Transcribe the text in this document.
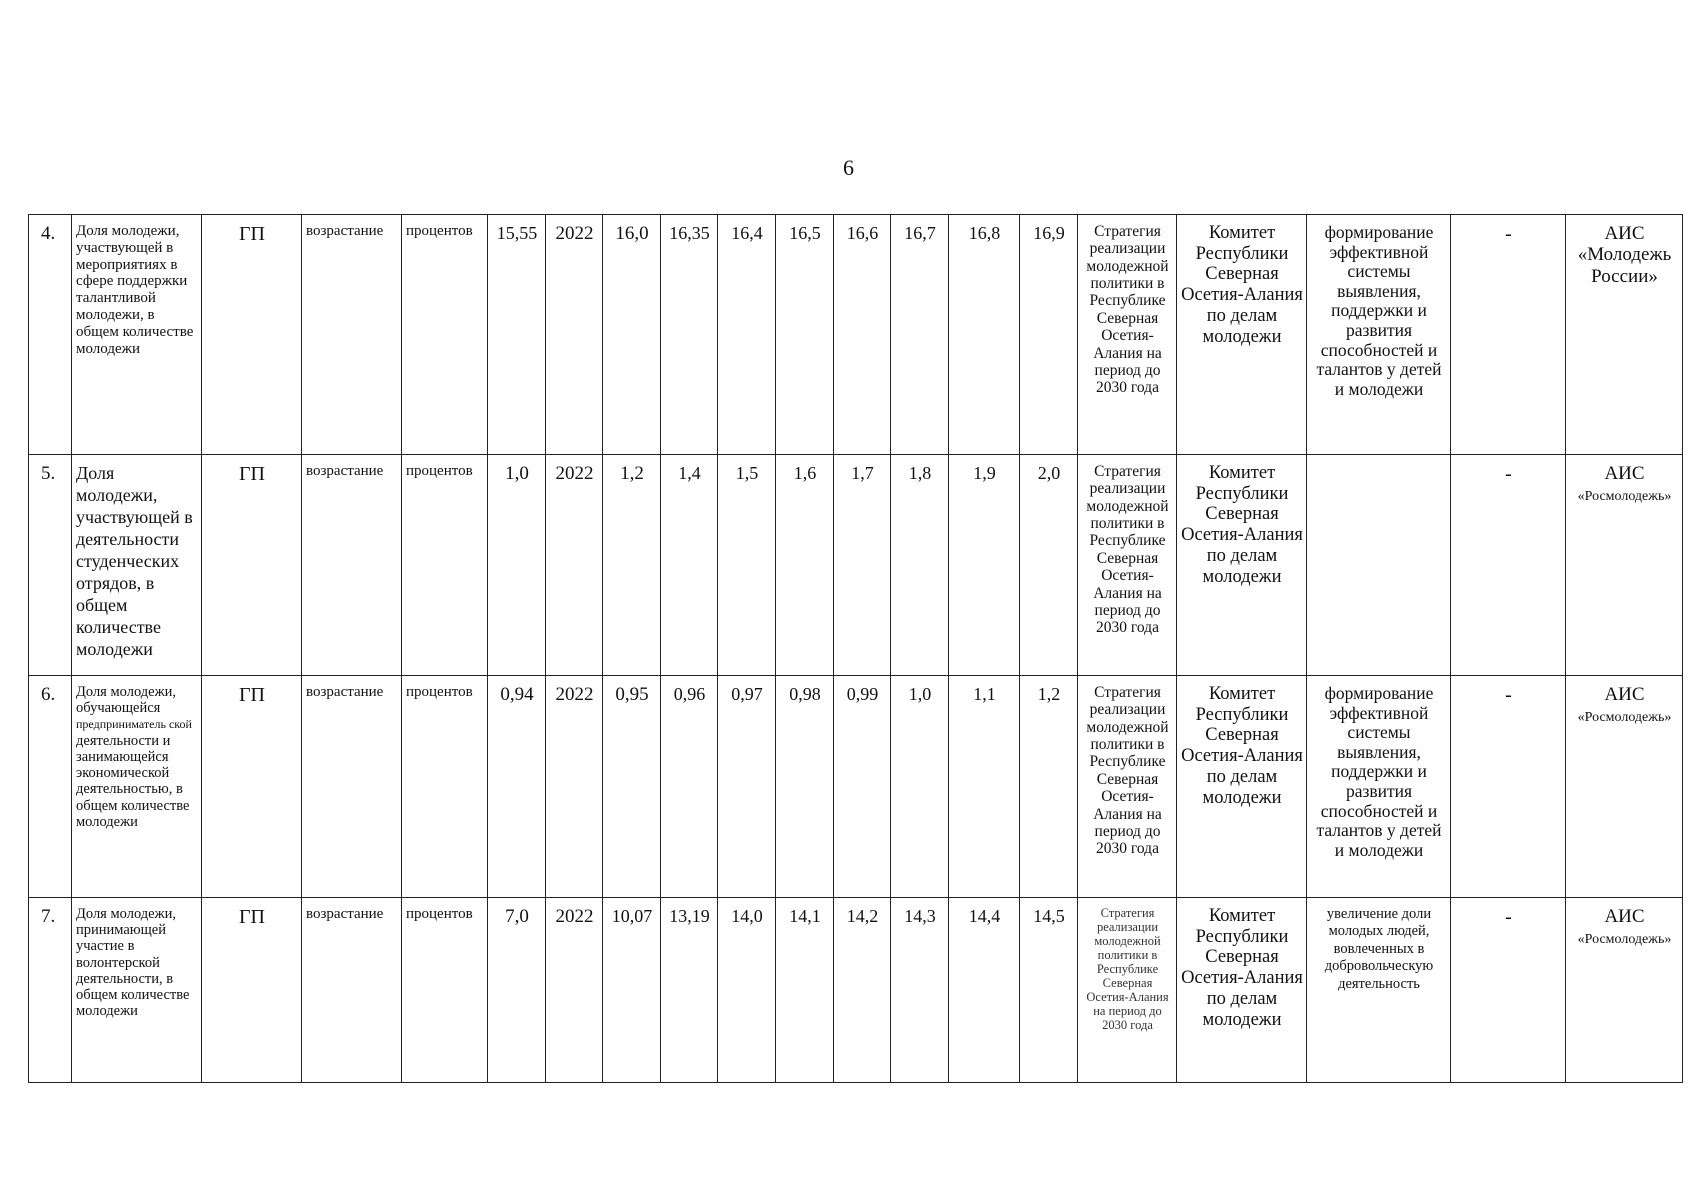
6
4.	Доля молодежи, участвующей в мероприятиях в сфере поддержки талантливой молодежи, в общем количестве молодежи	ГП	возрастание	процентов	15,55	2022	16,0	16,35	16,4	16,5	16,6	16,7	16,8	16,9	Стратегия реализации молодежной политики в Республике Северная Осетия-Алания на период до 2030 года	Комитет Республики Северная Осетия-Алания по делам молодежи	формирование эффективной системы выявления, поддержки и развития способностей и талантов у детей и молодежи	-	АИС
«Молодежь России»
5.	Доля молодежи, участвующей в деятельности студенческих отрядов, в общем количестве молодежи	ГП	возрастание	процентов	1,0	2022	1,2	1,4	1,5	1,6	1,7	1,8	1,9	2,0	Стратегия реализации молодежной политики в Республике Северная Осетия-Алания на период до 2030 года	Комитет Республики Северная Осетия-Алания по делам молодежи		-	АИС
«Росмолодежь»
6.	Доля молодежи, обучающейся
предприниматель ской
деятельности и занимающейся экономической деятельностью, в общем количестве молодежи	ГП	возрастание	процентов	0,94	2022	0,95	0,96	0,97	0,98	0,99	1,0	1,1	1,2	Стратегия реализации молодежной политики в Республике Северная Осетия-Алания на период до 2030 года	Комитет Республики Северная Осетия-Алания по делам молодежи	формирование эффективной системы выявления, поддержки и развития способностей и талантов у детей и молодежи	-	АИС
«Росмолодежь»
7.	Доля молодежи, принимающей участие в волонтерской деятельности, в общем количестве молодежи	ГП	возрастание	процентов	7,0	2022	10,07	13,19	14,0	14,1	14,2	14,3	14,4	14,5	Стратегия реализации молодежной политики в Республике Северная Осетия-Алания на период до 2030 года	Комитет Республики Северная Осетия-Алания по делам молодежи	увеличение доли молодых людей, вовлеченных в добровольческую деятельность	-	АИС
«Росмолодежь»
